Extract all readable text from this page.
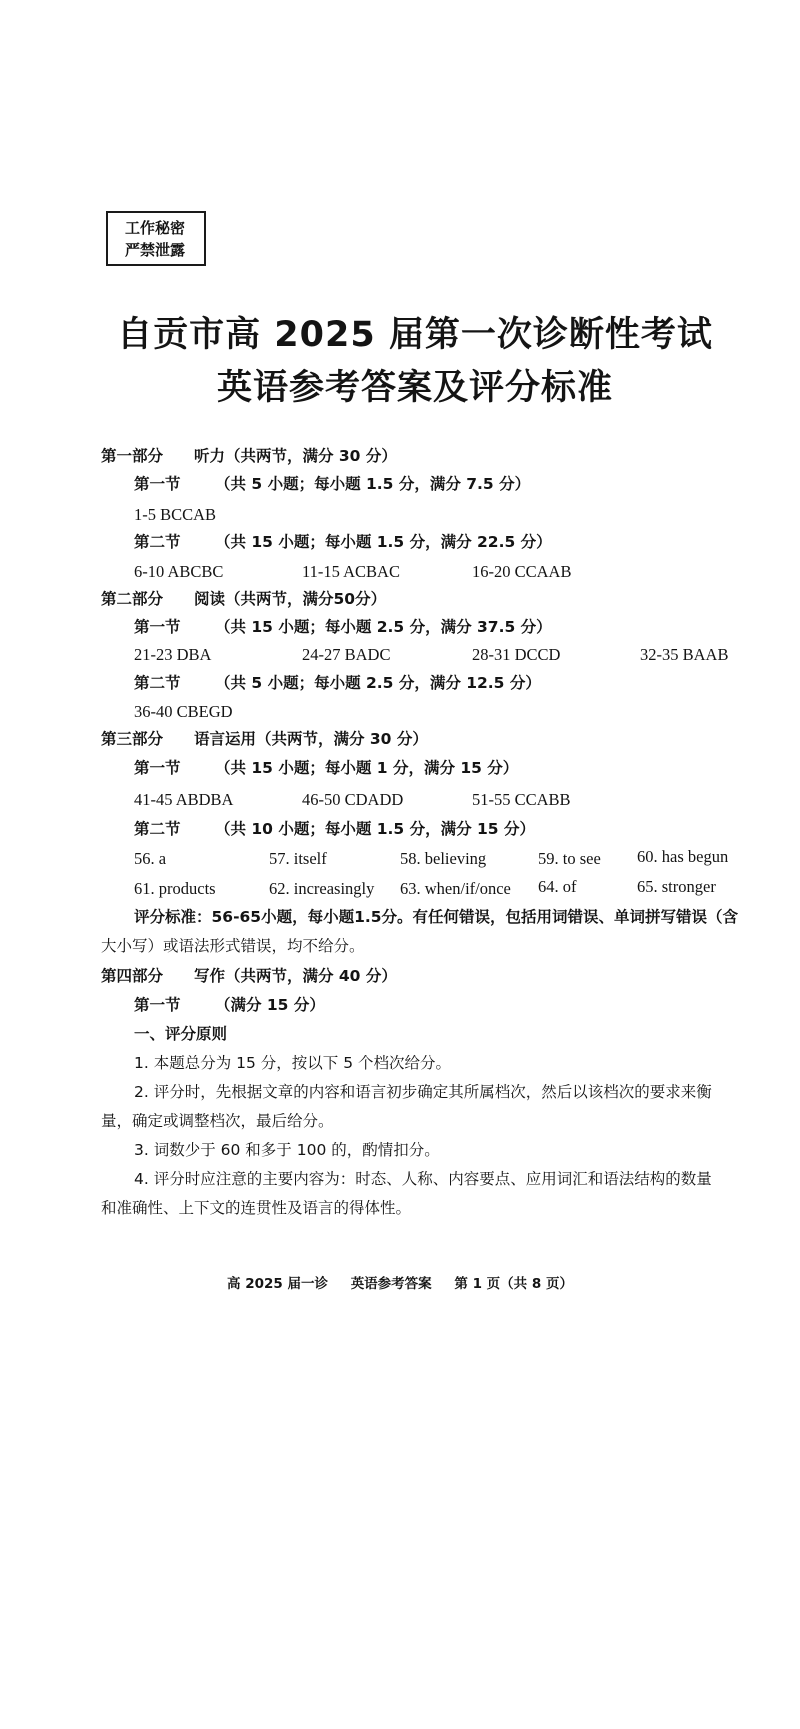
工作秘密
严禁泄露
自贡市高 2025 届第一次诊断性考试
英语参考答案及评分标准
第一部分 听力（共两节，满分 30 分）
第一节 （共 5 小题；每小题 1.5 分，满分 7.5 分）
1-5 BCCAB
第二节 （共 15 小题；每小题 1.5 分，满分 22.5 分）
6-10 ABCBC	11-15 ACBAC	16-20 CCAAB
第二部分 阅读（共两节，满分50分）
第一节 （共 15 小题；每小题 2.5 分，满分 37.5 分）
21-23 DBA	24-27 BADC	28-31 DCCD	32-35 BAAB
第二节 （共 5 小题；每小题 2.5 分，满分 12.5 分）
36-40 CBEGD
第三部分 语言运用（共两节，满分 30 分）
第一节 （共 15 小题；每小题 1 分，满分 15 分）
41-45 ABDBA	46-50 CDADD	51-55 CCABB
第二节 （共 10 小题；每小题 1.5 分，满分 15 分）
56. a	57. itself	58. believing	59. to see 60. has begun
61. products	62. increasingly 63. when/if/once 64. of	65. stronger
评分标准：56-65小题，每小题1.5分。有任何错误，包括用词错误、单词拼写错误（含
大小写）或语法形式错误，均不给分。
第四部分 写作（共两节，满分 40 分）
第一节 （满分 15 分）
一、评分原则
1. 本题总分为 15 分，按以下 5 个档次给分。
2. 评分时，先根据文章的内容和语言初步确定其所属档次，然后以该档次的要求来衡
量，确定或调整档次，最后给分。
3. 词数少于 60 和多于 100 的，酌情扣分。
4. 评分时应注意的主要内容为：时态、人称、内容要点、应用词汇和语法结构的数量
和准确性、上下文的连贯性及语言的得体性。
高 2025 届一诊 英语参考答案 第 1 页（共 8 页）
